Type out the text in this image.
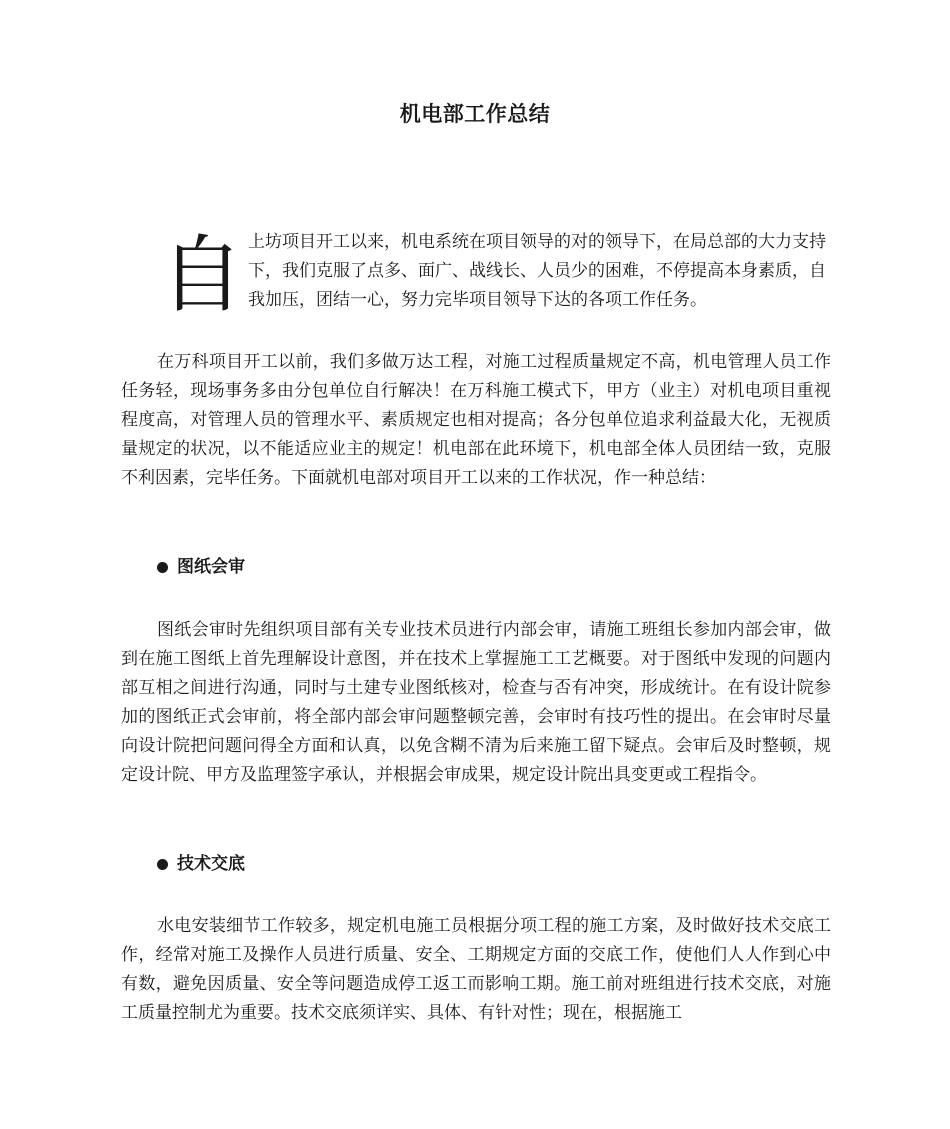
机电部工作总结
自 上坊项目开工以来，机电系统在项目领导的对的领导下，在局总部的大力支持下，我们克服了点多、面广、战线长、人员少的困难，不停提高本身素质，自我加压，团结一心，努力完毕项目领导下达的各项工作任务。

在万科项目开工以前，我们多做万达工程，对施工过程质量规定不高，机电管理人员工作任务轻，现场事务多由分包单位自行解决！在万科施工模式下，甲方（业主）对机电项目重视程度高，对管理人员的管理水平、素质规定也相对提高；各分包单位追求利益最大化，无视质量规定的状况，以不能适应业主的规定！机电部在此环境下，机电部全体人员团结一致，克服不利因素，完毕任务。下面就机电部对项目开工以来的工作状况，作一种总结：

图纸会审

图纸会审时先组织项目部有关专业技术员进行内部会审，请施工班组长参加内部会审，做到在施工图纸上首先理解设计意图，并在技术上掌握施工工艺概要。对于图纸中发现的问题内部互相之间进行沟通，同时与土建专业图纸核对，检查与否有冲突，形成统计。在有设计院参加的图纸正式会审前，将全部内部会审问题整顿完善，会审时有技巧性的提出。在会审时尽量向设计院把问题问得全方面和认真，以免含糊不清为后来施工留下疑点。会审后及时整顿，规定设计院、甲方及监理签字承认，并根据会审成果，规定设计院出具变更或工程指令。

技术交底

水电安装细节工作较多，规定机电施工员根据分项工程的施工方案，及时做好技术交底工作，经常对施工及操作人员进行质量、安全、工期规定方面的交底工作，使他们人人作到心中有数，避免因质量、安全等问题造成停工返工而影响工期。施工前对班组进行技术交底，对施工质量控制尤为重要。技术交底须详实、具体、有针对性；现在，根据施工
